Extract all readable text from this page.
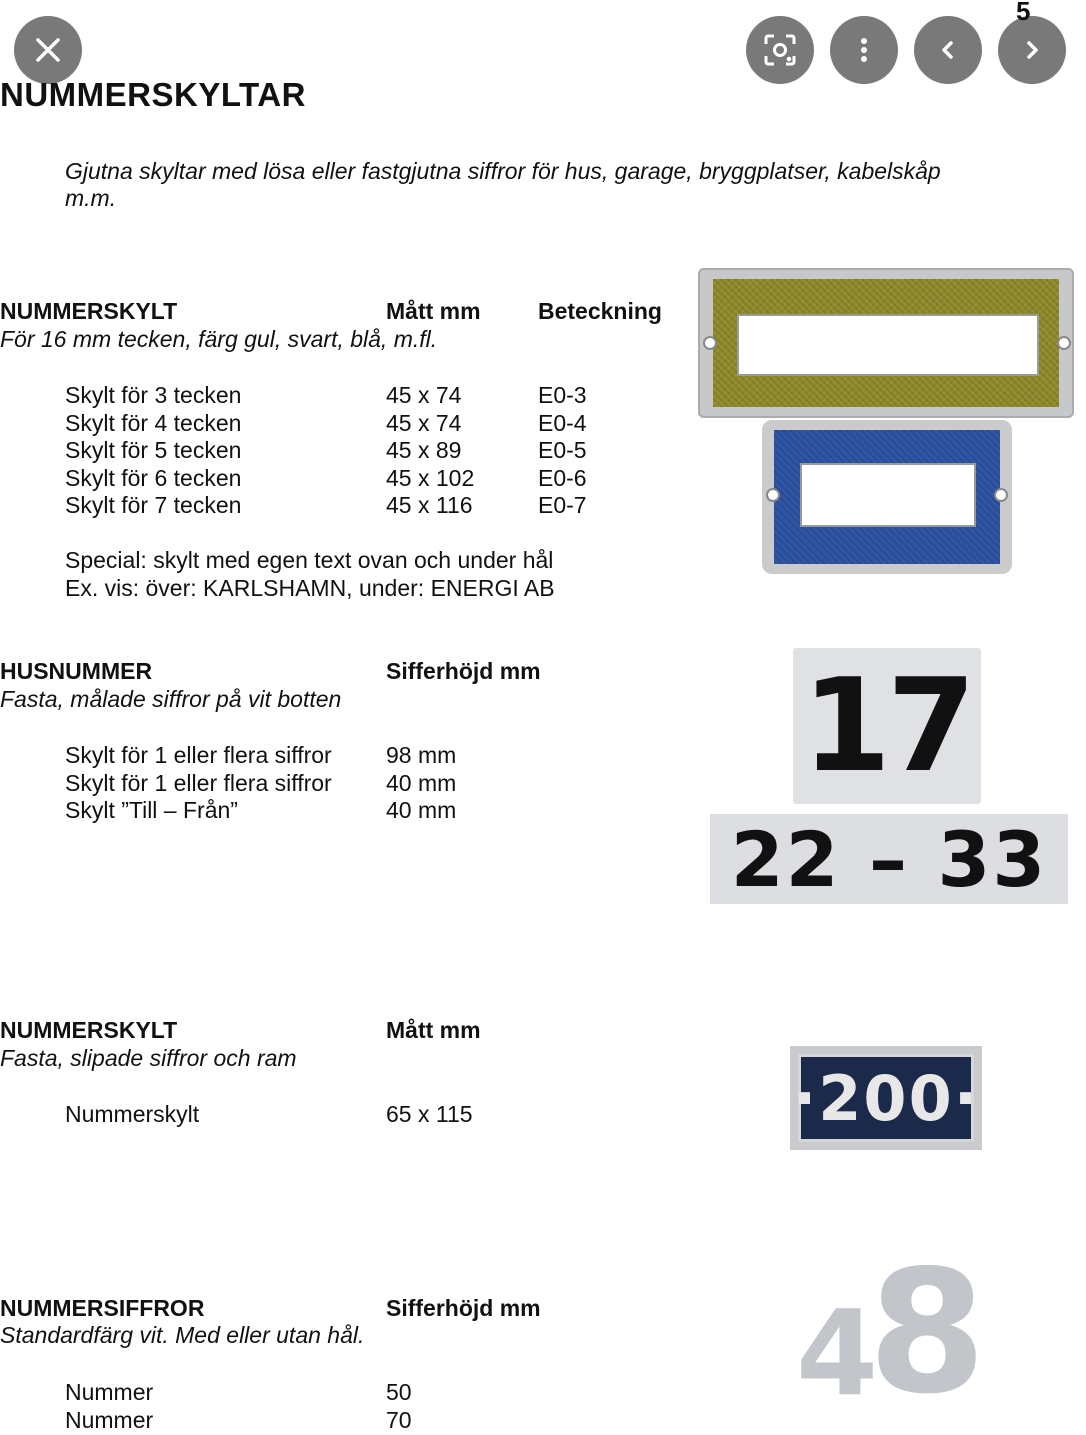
5
NUMMERSKYLTAR
Gjutna skyltar med lösa eller fastgjutna siffror för hus, garage, bryggplatser, kabelskåp m.m.
NUMMERSKYLT	Mått mm Beteckning
För 16 mm tecken, färg gul, svart, blå, m.fl.
Skylt för 3 tecken	45 x 74	E0-3
Skylt för 4 tecken	45 x 74	E0-4
Skylt för 5 tecken	45 x 89	E0-5
Skylt för 6 tecken	45 x 102	E0-6
Skylt för 7 tecken	45 x 116	E0-7
Special: skylt med egen text ovan och under hål
Ex. vis: över: KARLSHAMN, under: ENERGI AB
HUSNUMMER	Sifferhöjd mm
Fasta, målade siffror på vit botten
Skylt för 1 eller flera siffror 98 mm
Skylt för 1 eller flera siffror 40 mm
Skylt ”Till – Från”	40 mm
17
22 – 33
NUMMERSKYLT	Mått mm
Fasta, slipade siffror och ram
Nummerskylt	65 x 115	·200·
NUMMERSIFFROR	Sifferhöjd mm
Standardfärg vit. Med eller utan hål.
Nummer	50
Nummer	70	4
8
